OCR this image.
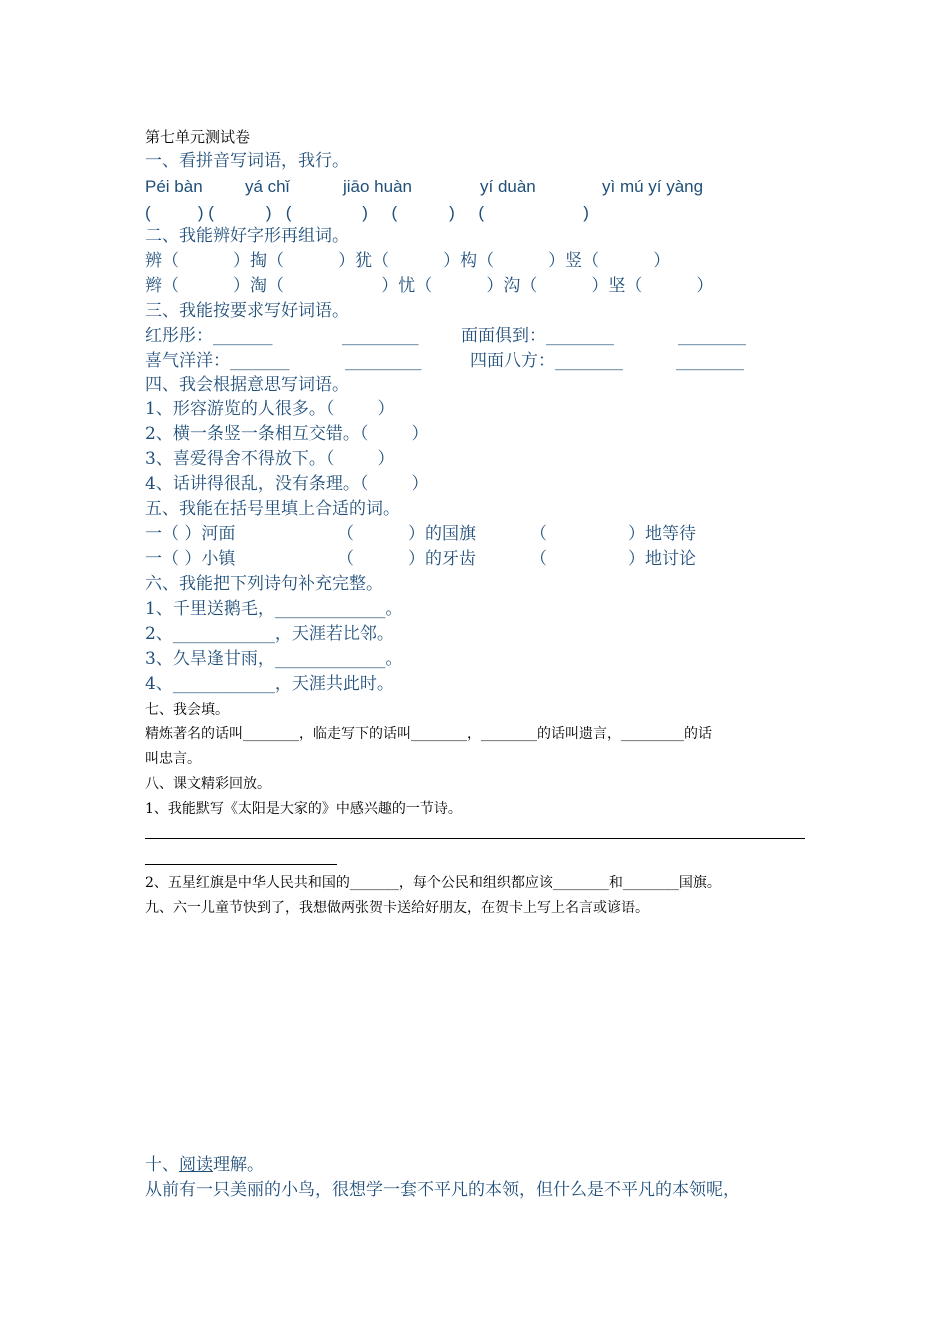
第七单元测试卷
一、看拼音写词语，我行。
Péi bàn yá chǐ	jiāo huàn	yí duàn	yì mú yí yàng
(          ) (           )   (               )     (           )     (                     )
二、我能辨好字形再组词。
辨（          ）掏（          ）犹（          ）构（          ）竖（          ）
辫（          ）淘（                  ）忧（          ）沟（          ）坚（          ）
三、我能按要求写好词语。
红彤彤：_______	_________	面面俱到：________	________
喜气洋洋：_______	_________	四面八方：________	________
四、我会根据意思写词语。
1、形容游览的人很多。（        ）
2、横一条竖一条相互交错。（        ）
3、喜爱得舍不得放下。（        ）
4、话讲得很乱，没有条理。（        ）
五、我能在括号里填上合适的词。
一（ ）河面	（          ）的国旗	（               ）地等待
一（ ）小镇	（          ）的牙齿	（               ）地讨论
六、我能把下列诗句补充完整。
1、千里送鹅毛，_____________。
2、____________，天涯若比邻。
3、久旱逢甘雨，_____________。
4、____________，天涯共此时。
七、我会填。
精炼著名的话叫________，临走写下的话叫________，________的话叫遗言，_________的话
叫忠言。
八、课文精彩回放。
1、我能默写《太阳是大家的》中感兴趣的一节诗。
2、五星红旗是中华人民共和国的_______，每个公民和组织都应该________和________国旗。
九、六一儿童节快到了，我想做两张贺卡送给好朋友，在贺卡上写上名言或谚语。
十、阅读理解。
从前有一只美丽的小鸟，很想学一套不平凡的本领，但什么是不平凡的本领呢，
